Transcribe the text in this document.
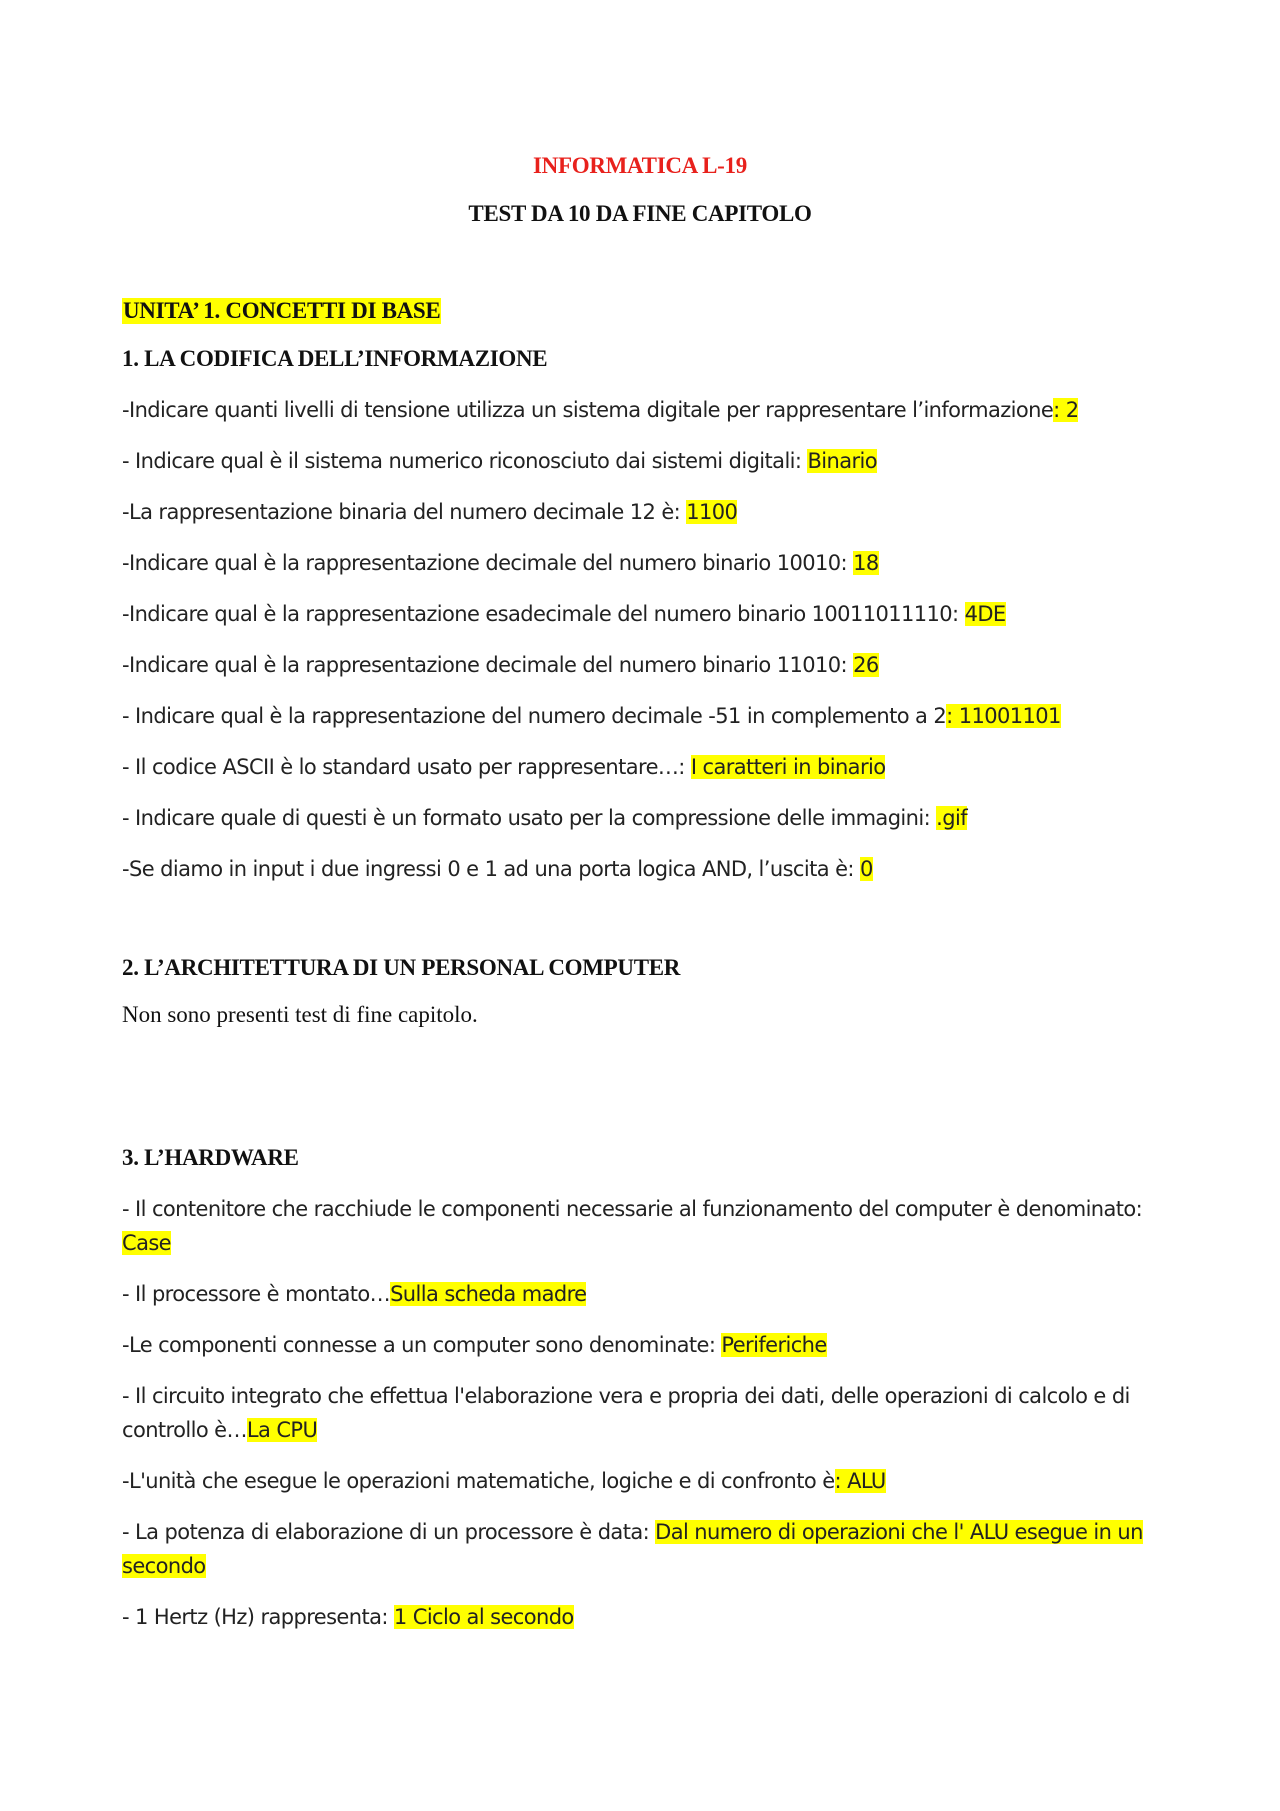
INFORMATICA L-19
TEST DA 10 DA FINE CAPITOLO
UNITA’ 1. CONCETTI DI BASE
1. LA CODIFICA DELL’INFORMAZIONE
-Indicare quanti livelli di tensione utilizza un sistema digitale per rappresentare l’informazione: 2
- Indicare qual è il sistema numerico riconosciuto dai sistemi digitali: Binario
-La rappresentazione binaria del numero decimale 12 è: 1100
-Indicare qual è la rappresentazione decimale del numero binario 10010: 18
-Indicare qual è la rappresentazione esadecimale del numero binario 10011011110: 4DE
-Indicare qual è la rappresentazione decimale del numero binario 11010: 26
- Indicare qual è la rappresentazione del numero decimale -51 in complemento a 2: 11001101
- Il codice ASCII è lo standard usato per rappresentare…: I caratteri in binario
- Indicare quale di questi è un formato usato per la compressione delle immagini: .gif
-Se diamo in input i due ingressi 0 e 1 ad una porta logica AND, l’uscita è: 0
2. L’ARCHITETTURA DI UN PERSONAL COMPUTER
Non sono presenti test di fine capitolo.
3. L’HARDWARE
- Il contenitore che racchiude le componenti necessarie al funzionamento del computer è denominato: Case
- Il processore è montato…Sulla scheda madre
-Le componenti connesse a un computer sono denominate: Periferiche
- Il circuito integrato che effettua l'elaborazione vera e propria dei dati, delle operazioni di calcolo e di controllo è…La CPU
-L'unità che esegue le operazioni matematiche, logiche e di confronto è: ALU
- La potenza di elaborazione di un processore è data: Dal numero di operazioni che l' ALU esegue in un secondo
- 1 Hertz (Hz) rappresenta: 1 Ciclo al secondo
